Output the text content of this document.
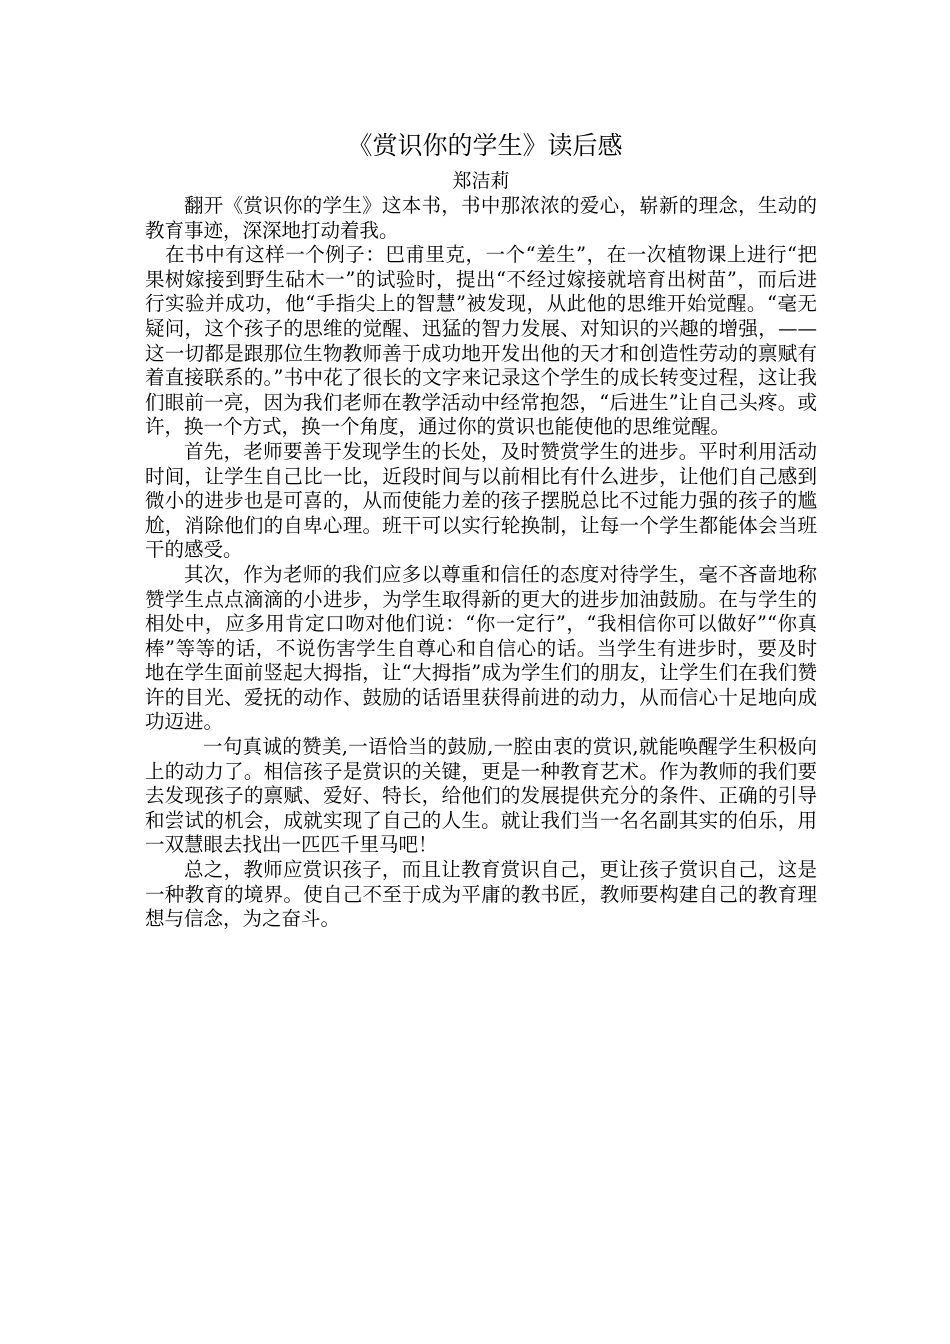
《赏识你的学生》读后感

郑洁莉

翻开《赏识你的学生》这本书，书中那浓浓的爱心，崭新的理念，生动的教育事迹，深深地打动着我。

在书中有这样一个例子：巴甫里克，一个“差生”，在一次植物课上进行“把果树嫁接到野生砧木一”的试验时，提出“不经过嫁接就培育出树苗”，而后进行实验并成功，他“手指尖上的智慧”被发现，从此他的思维开始觉醒。“毫无疑问，这个孩子的思维的觉醒、迅猛的智力发展、对知识的兴趣的增强，——这一切都是跟那位生物教师善于成功地开发出他的天才和创造性劳动的禀赋有着直接联系的。”书中花了很长的文字来记录这个学生的成长转变过程，这让我们眼前一亮，因为我们老师在教学活动中经常抱怨，“后进生”让自己头疼。或许，换一个方式，换一个角度，通过你的赏识也能使他的思维觉醒。

首先，老师要善于发现学生的长处，及时赞赏学生的进步。平时利用活动时间，让学生自己比一比，近段时间与以前相比有什么进步，让他们自己感到微小的进步也是可喜的，从而使能力差的孩子摆脱总比不过能力强的孩子的尴尬，消除他们的自卑心理。班干可以实行轮换制，让每一个学生都能体会当班干的感受。

其次，作为老师的我们应多以尊重和信任的态度对待学生，毫不吝啬地称赞学生点点滴滴的小进步，为学生取得新的更大的进步加油鼓励。在与学生的相处中，应多用肯定口吻对他们说：“你一定行”，“我相信你可以做好”“你真棒”等等的话，不说伤害学生自尊心和自信心的话。当学生有进步时，要及时地在学生面前竖起大拇指，让“大拇指”成为学生们的朋友，让学生们在我们赞许的目光、爱抚的动作、鼓励的话语里获得前进的动力，从而信心十足地向成功迈进。

一句真诚的赞美,一语恰当的鼓励,一腔由衷的赏识,就能唤醒学生积极向上的动力了。相信孩子是赏识的关键，更是一种教育艺术。作为教师的我们要去发现孩子的禀赋、爱好、特长，给他们的发展提供充分的条件、正确的引导和尝试的机会，成就实现了自己的人生。就让我们当一名名副其实的伯乐，用一双慧眼去找出一匹匹千里马吧！

总之，教师应赏识孩子，而且让教育赏识自己，更让孩子赏识自己，这是一种教育的境界。使自己不至于成为平庸的教书匠，教师要构建自己的教育理想与信念，为之奋斗。
